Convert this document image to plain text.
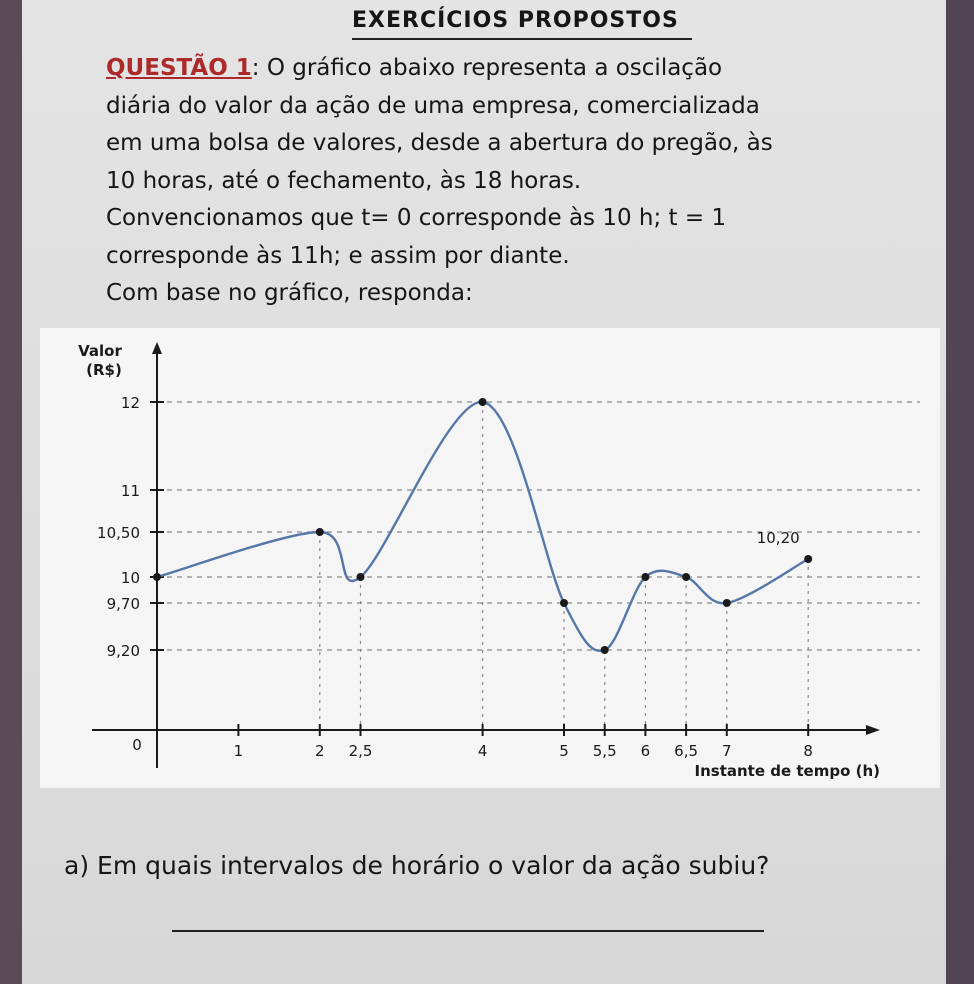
EXERCÍCIOS PROPOSTOS

QUESTÃO 1: O gráfico abaixo representa a oscilação
diária do valor da ação de uma empresa, comercializada
em uma bolsa de valores, desde a abertura do pregão, às
10 horas, até o fechamento, às 18 horas.
Convencionamos que t= 0 corresponde às 10 h; t = 1
corresponde às 11h; e assim por diante.
Com base no gráfico, responda:

12
11
10,50
10
9,70
9,20
0	1	2 2,5	4	5 5,5 6 6,5 7	8
Valor
(R$)
Instante de tempo (h)
10,20

a) Em quais intervalos de horário o valor da ação subiu?
